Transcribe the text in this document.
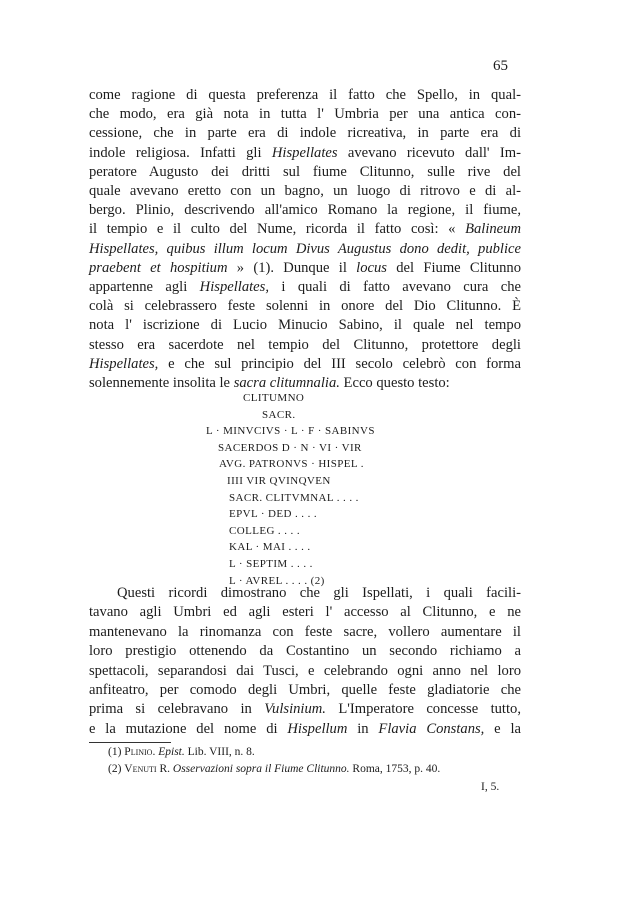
65
come ragione di questa preferenza il fatto che Spello, in qual-
che modo, era già nota in tutta l' Umbria per una antica con-
cessione, che in parte era di indole ricreativa, in parte era di
indole religiosa. Infatti gli Hispellates avevano ricevuto dall' Im-
peratore Augusto dei dritti sul fiume Clitunno, sulle rive del
quale avevano eretto con un bagno, un luogo di ritrovo e di al-
bergo. Plinio, descrivendo all'amico Romano la regione, il fiume,
il tempio e il culto del Nume, ricorda il fatto così: « Balineum
Hispellates, quibus illum locum Divus Augustus dono dedit, publice
praebent et hospitium » (1). Dunque il locus del Fiume Clitunno
appartenne agli Hispellates, i quali di fatto avevano cura che
colà si celebrassero feste solenni in onore del Dio Clitunno. È
nota l' iscrizione di Lucio Minucio Sabino, il quale nel tempo
stesso era sacerdote nel tempio del Clitunno, protettore degli
Hispellates, e che sul principio del III secolo celebrò con forma
solennemente insolita le sacra clitumnalia. Ecco questo testo:
CLITUMNO
SACR.
L · MINVCIVS · L · F · SABINVS
SACERDOS D · N · VI · VIR
AVG. PATRONVS · HISPEL .
IIII VIR QVINQVEN
SACR. CLITVMNAL . . . .
EPVL · DED . . . .
COLLEG . . . .
KAL · MAI . . . .
L · SEPTIM . . . .
L · AVREL . . . . (2)
Questi ricordi dimostrano che gli Ispellati, i quali facili-
tavano agli Umbri ed agli esteri l' accesso al Clitunno, e ne
mantenevano la rinomanza con feste sacre, vollero aumentare il
loro prestigio ottenendo da Costantino un secondo richiamo a
spettacoli, separandosi dai Tusci, e celebrando ogni anno nel loro
anfiteatro, per comodo degli Umbri, quelle feste gladiatorie che
prima si celebravano in Vulsinium. L'Imperatore concesse tutto,
e la mutazione del nome di Hispellum in Flavia Constans, e la
(1) Plinio. Epist. Lib. VIII, n. 8.
(2) Venuti R. Osservazioni sopra il Fiume Clitunno. Roma, 1753, p. 40.
I, 5.
